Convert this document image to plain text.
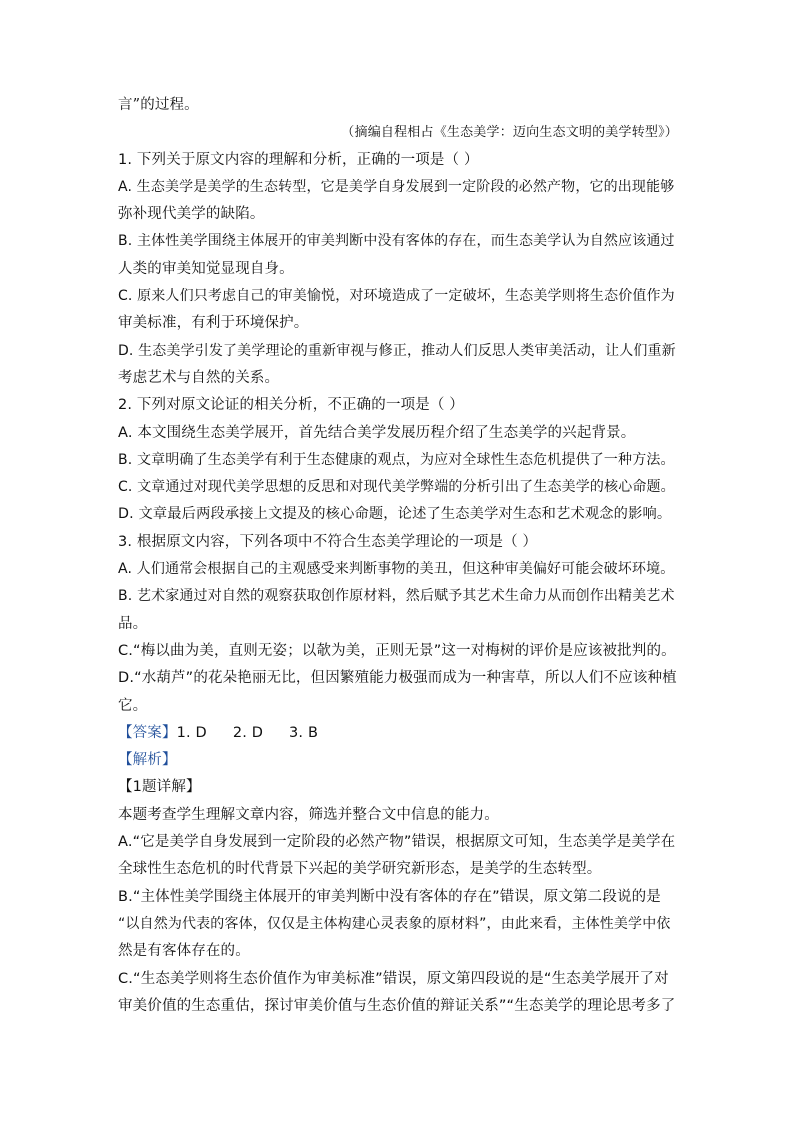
言”的过程。
（摘编自程相占《生态美学：迈向生态文明的美学转型》）
1. 下列关于原文内容的理解和分析，正确的一项是（ ）
A. 生态美学是美学的生态转型，它是美学自身发展到一定阶段的必然产物，它的出现能够
弥补现代美学的缺陷。
B. 主体性美学围绕主体展开的审美判断中没有客体的存在，而生态美学认为自然应该通过
人类的审美知觉显现自身。
C. 原来人们只考虑自己的审美愉悦，对环境造成了一定破坏，生态美学则将生态价值作为
审美标准，有利于环境保护。
D. 生态美学引发了美学理论的重新审视与修正，推动人们反思人类审美活动，让人们重新
考虑艺术与自然的关系。
2. 下列对原文论证的相关分析，不正确的一项是（ ）
A. 本文围绕生态美学展开，首先结合美学发展历程介绍了生态美学的兴起背景。
B. 文章明确了生态美学有利于生态健康的观点，为应对全球性生态危机提供了一种方法。
C. 文章通过对现代美学思想的反思和对现代美学弊端的分析引出了生态美学的核心命题。
D. 文章最后两段承接上文提及的核心命题，论述了生态美学对生态和艺术观念的影响。
3. 根据原文内容，下列各项中不符合生态美学理论的一项是（ ）
A. 人们通常会根据自己的主观感受来判断事物的美丑，但这种审美偏好可能会破坏环境。
B. 艺术家通过对自然的观察获取创作原材料，然后赋予其艺术生命力从而创作出精美艺术
品。
C.“梅以曲为美，直则无姿；以欹为美，正则无景”这一对梅树的评价是应该被批判的。
D.“水葫芦”的花朵艳丽无比，但因繁殖能力极强而成为一种害草，所以人们不应该种植
它。
【答案】1. D 2. D 3. B
【解析】
【1题详解】
本题考查学生理解文章内容，筛选并整合文中信息的能力。
A.“它是美学自身发展到一定阶段的必然产物”错误，根据原文可知，生态美学是美学在
全球性生态危机的时代背景下兴起的美学研究新形态，是美学的生态转型。
B.“主体性美学围绕主体展开的审美判断中没有客体的存在”错误，原文第二段说的是
“以自然为代表的客体，仅仅是主体构建心灵表象的原材料”，由此来看，主体性美学中依
然是有客体存在的。
C.“生态美学则将生态价值作为审美标准”错误，原文第四段说的是“生态美学展开了对
审美价值的生态重估，探讨审美价值与生态价值的辩证关系”“生态美学的理论思考多了
